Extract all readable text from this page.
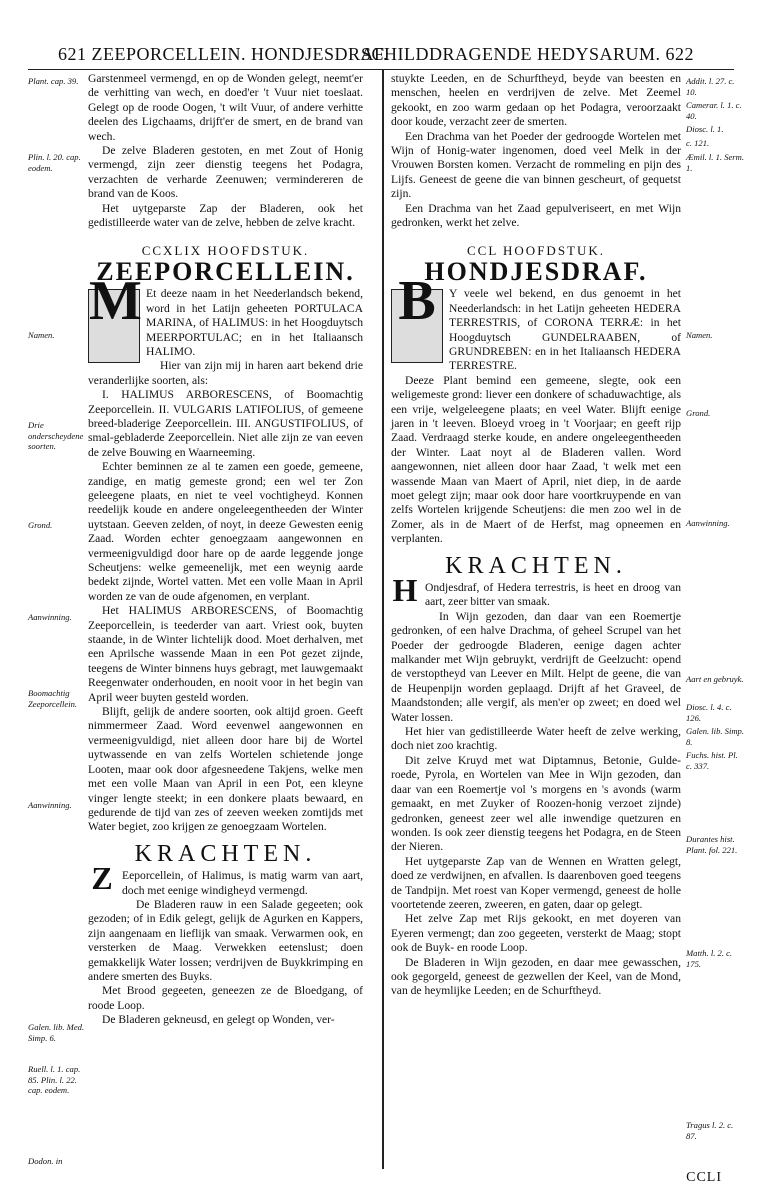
621 ZEEPORCELLEIN. HONDJESDRAF.
SCHILDDRAGENDE HEDYSARUM. 622
Plant. cap. 39.
Plin. l. 20. cap. eodem.
Namen.
Drie onderscheydene soorten.
Grond.
Aanwinning.
Boomachtig Zeeporcellein.
Aanwinning.
Galen. lib. Med. Simp. 6.
Ruell. l. 1. cap. 85. Plin. l. 22. cap. eodem.
Dodon. in
Addit. l. 27. c. 10.
Camerar. l. 1. c. 40.
Diosc. l. 1.
c. 121.
Æmil. l. 1. Serm. 1.
Namen.
Grond.
Aanwinning.
Aart en gebruyk.
Diosc. l. 4. c. 126.
Galen. lib. Simp. 8.
Fuchs. hist. Pl. c. 337.
Durantes hist. Plant. fol. 221.
Matth. l. 2. c. 175.
Tragus l. 2. c. 87.

Garstenmeel vermengd, en op de Wonden gelegt, neemt'er de verhitting van wech, en doed'er 't Vuur niet toeslaat. Gelegt op de roode Oogen, 't wilt Vuur, of andere verhitte deelen des Ligchaams, drijft'er de smert, en de brand van wech.

De zelve Bladeren gestoten, en met Zout of Honig vermengd, zijn zeer dienstig teegens het Podagra, verzachten de verharde Zeenuwen; vermindereren de brand van de Koos.

Het uytgeparste Zap der Bladeren, ook het gedistilleerde water van de zelve, hebben de zelve kracht.

CCXLIX HOOFDSTUK.
ZEEPORCELLEIN.
M Et deeze naam in het Neederlandsch bekend, word in het Latijn geheeten PORTULACA MARINA, of HALIMUS: in het Hoogduytsch MEERPORTULAC; en in het Italiaansch HALIMO.

Hier van zijn mij in haren aart bekend drie veranderlijke soorten, als:

I. HALIMUS ARBORESCENS, of Boomachtig Zeeporcellein. II. VULGARIS LATIFOLIUS, of gemeene breed-bladerige Zeeporcellein. III. ANGUSTIFOLIUS, of smal-gebladerde Zeeporcellein. Niet alle zijn ze van eeven de zelve Bouwing en Waarneeming.

Echter beminnen ze al te zamen een goede, gemeene, zandige, en matig gemeste grond; een wel ter Zon geleegene plaats, en niet te veel vochtigheyd. Konnen reedelijk koude en andere ongeleegentheeden der Winter uytstaan. Geeven zelden, of noyt, in deeze Gewesten eenig Zaad. Worden echter genoegzaam aangewonnen en vermeenigvuldigd door hare op de aarde leggende jonge Scheutjens: welke gemeenelijk, met een weynig aarde bedekt zijnde, Wortel vatten. Met een volle Maan in April worden ze van de oude afgenomen, en verplant.

Het HALIMUS ARBORESCENS, of Boomachtig Zeeporcellein, is teederder van aart. Vriest ook, buyten staande, in de Winter lichtelijk dood. Moet derhalven, met een Aprilsche wassende Maan in een Pot gezet zijnde, teegens de Winter binnens huys gebragt, met lauwgemaakt Reegenwater onderhouden, en nooit voor in het begin van April weer buyten gesteld worden.

Blijft, gelijk de andere soorten, ook altijd groen. Geeft nimmermeer Zaad. Word eevenwel aangewonnen en vermeenigvuldigd, niet alleen door hare bij de Wortel uytwassende en van zelfs Wortelen schietende jonge Looten, maar ook door afgesneedene Takjens, welke men met een volle Maan van April in een Pot, een kleyne vinger lengte steekt; in een donkere plaats bewaard, en gedurende de tijd van zes of zeeven weeken zomtijds met Water begiet, zoo krijgen ze genoegzaam Wortelen.

KRACHTEN.
Z Eeporcellein, of Halimus, is matig warm van aart, doch met eenige windigheyd vermengd.

De Bladeren rauw in een Salade gegeeten; ook gezoden; of in Edik gelegt, gelijk de Agurken en Kappers, zijn aangenaam en lieflijk van smaak. Verwarmen ook, en versterken de Maag. Verwekken eetenslust; doen gemakkelijk Water lossen; verdrijven de Buykkrimping en andere smerten des Buyks.

Met Brood gegeeten, geneezen ze de Bloedgang, of roode Loop.

De Bladeren gekneusd, en gelegt op Wonden, ver-

stuykte Leeden, en de Schurftheyd, beyde van beesten en menschen, heelen en verdrijven de zelve. Met Zeemel gekookt, en zoo warm gedaan op het Podagra, veroorzaakt door koude, verzacht zeer de smerten.

Een Drachma van het Poeder der gedroogde Wortelen met Wijn of Honig-water ingenomen, doed veel Melk in der Vrouwen Borsten komen. Verzacht de rommeling en pijn des Lijfs. Geneest de geene die van binnen gescheurt, of gequetst zijn.

Een Drachma van het Zaad gepulveriseert, en met Wijn gedronken, werkt het zelve.

CCL HOOFDSTUK.
HONDJESDRAF.
B	Y veele wel bekend, en dus genoemt in het Neederlandsch: in het Latijn geheeten HEDERA TERRESTRIS, of CORONA TERRÆ: in het Hoogduytsch GUNDELRAABEN, of GRUNDREBEN: en in het Italiaansch HEDERA TERRESTRE.

Deeze Plant bemind een gemeene, slegte, ook een weligemeste grond: liever een donkere of schaduwachtige, als een vrije, welgeleegene plaats; en veel Water. Blijft eenige jaren in 't leeven. Bloeyd vroeg in 't Voorjaar; en geeft rijp Zaad. Verdraagd sterke koude, en andere ongeleegentheeden der Winter. Laat noyt al de Bladeren vallen. Word aangewonnen, niet alleen door haar Zaad, 't welk met een wassende Maan van Maert of April, niet diep, in de aarde moet gelegt zijn; maar ook door hare voortkruypende en van zelfs Wortelen krijgende Scheutjens: die men zoo wel in de Zomer, als in de Maert of de Herfst, mag opneemen en verplanten.

KRACHTEN.
H Ondjesdraf, of Hedera terrestris, is heet en droog van aart, zeer bitter van smaak.

In Wijn gezoden, dan daar van een Roemertje gedronken, of een halve Drachma, of geheel Scrupel van het Poeder der gedroogde Bladeren, eenige dagen achter malkander met Wijn gebruykt, verdrijft de Geelzucht: opend de verstoptheyd van Leever en Milt. Helpt de geene, die van de Heupenpijn worden geplaagd. Drijft af het Graveel, de Maandstonden; alle vergif, als men'er op zweet; en doed wel Water lossen.

Het hier van gedistilleerde Water heeft de zelve werking, doch niet zoo krachtig.

Dit zelve Kruyd met wat Diptamnus, Betonie, Gulde-roede, Pyrola, en Wortelen van Mee in Wijn gezoden, dan daar van een Roemertje vol 's morgens en 's avonds (warm gemaakt, en met Zuyker of Roozen-honig verzoet zijnde) gedronken, geneest zeer wel alle inwendige quetzuren en wonden. Is ook zeer dienstig teegens het Podagra, en de Steen der Nieren.

Het uytgeparste Zap van de Wennen en Wratten gelegt, doed ze verdwijnen, en afvallen. Is daarenboven goed teegens de Tandpijn. Met roest van Koper vermengd, geneest de holle voortetende zeeren, zweeren, en gaten, daar op gelegt.

Het zelve Zap met Rijs gekookt, en met doyeren van Eyeren vermengt; dan zoo gegeeten, versterkt de Maag; stopt ook de Buyk- en roode Loop.

De Bladeren in Wijn gezoden, en daar mee gewasschen, ook gegorgeld, geneest de gezwellen der Keel, van de Mond, van de heymlijke Leeden; en de Schurftheyd.

CCLI
